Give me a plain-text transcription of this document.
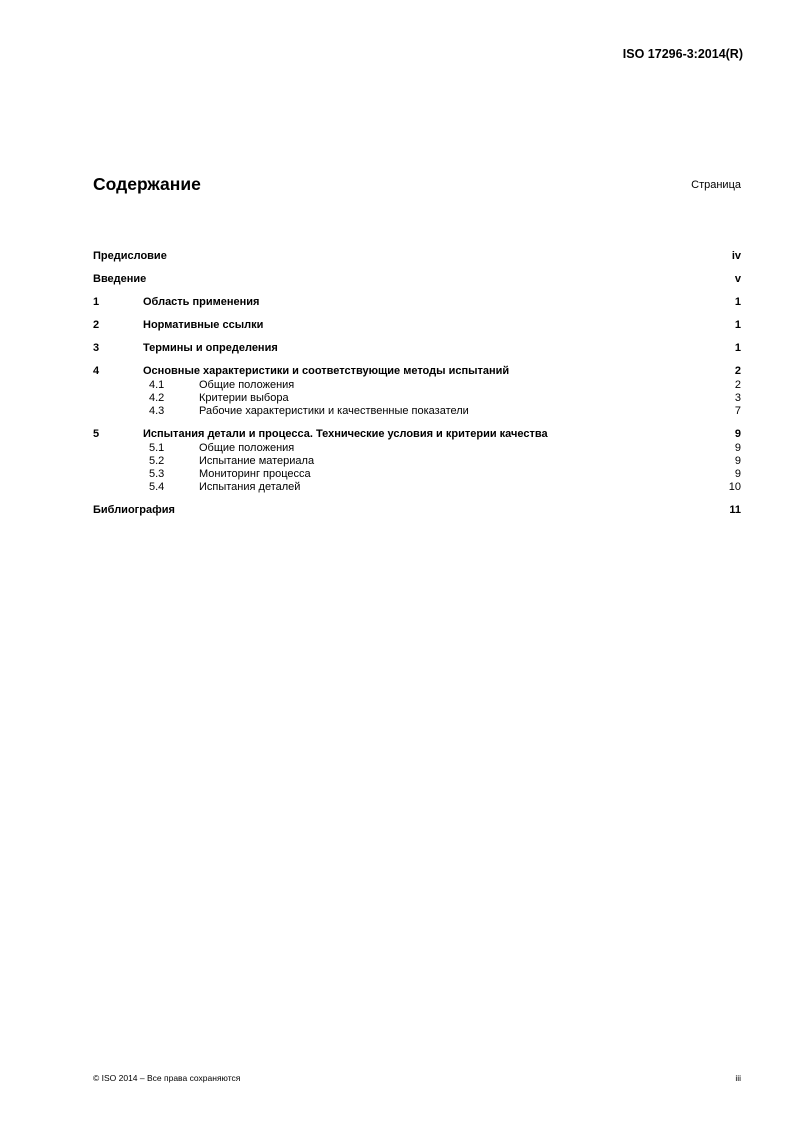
ISO 17296-3:2014(R)
Содержание	Страница
Предисловие	iv
Введение	v
1	Область применения	1
2	Нормативные ссылки	1
3	Термины и определения	1
4	Основные характеристики и соответствующие методы испытаний	2
4.1	Общие положения	2
4.2	Критерии выбора	3
4.3	Рабочие характеристики и качественные показатели	7
5	Испытания детали и процесса. Технические условия и критерии качества	9
5.1	Общие положения	9
5.2	Испытание материала	9
5.3	Мониторинг процесса	9
5.4	Испытания деталей	10
Библиография	11
© ISO 2014 – Все права сохраняются	iii
